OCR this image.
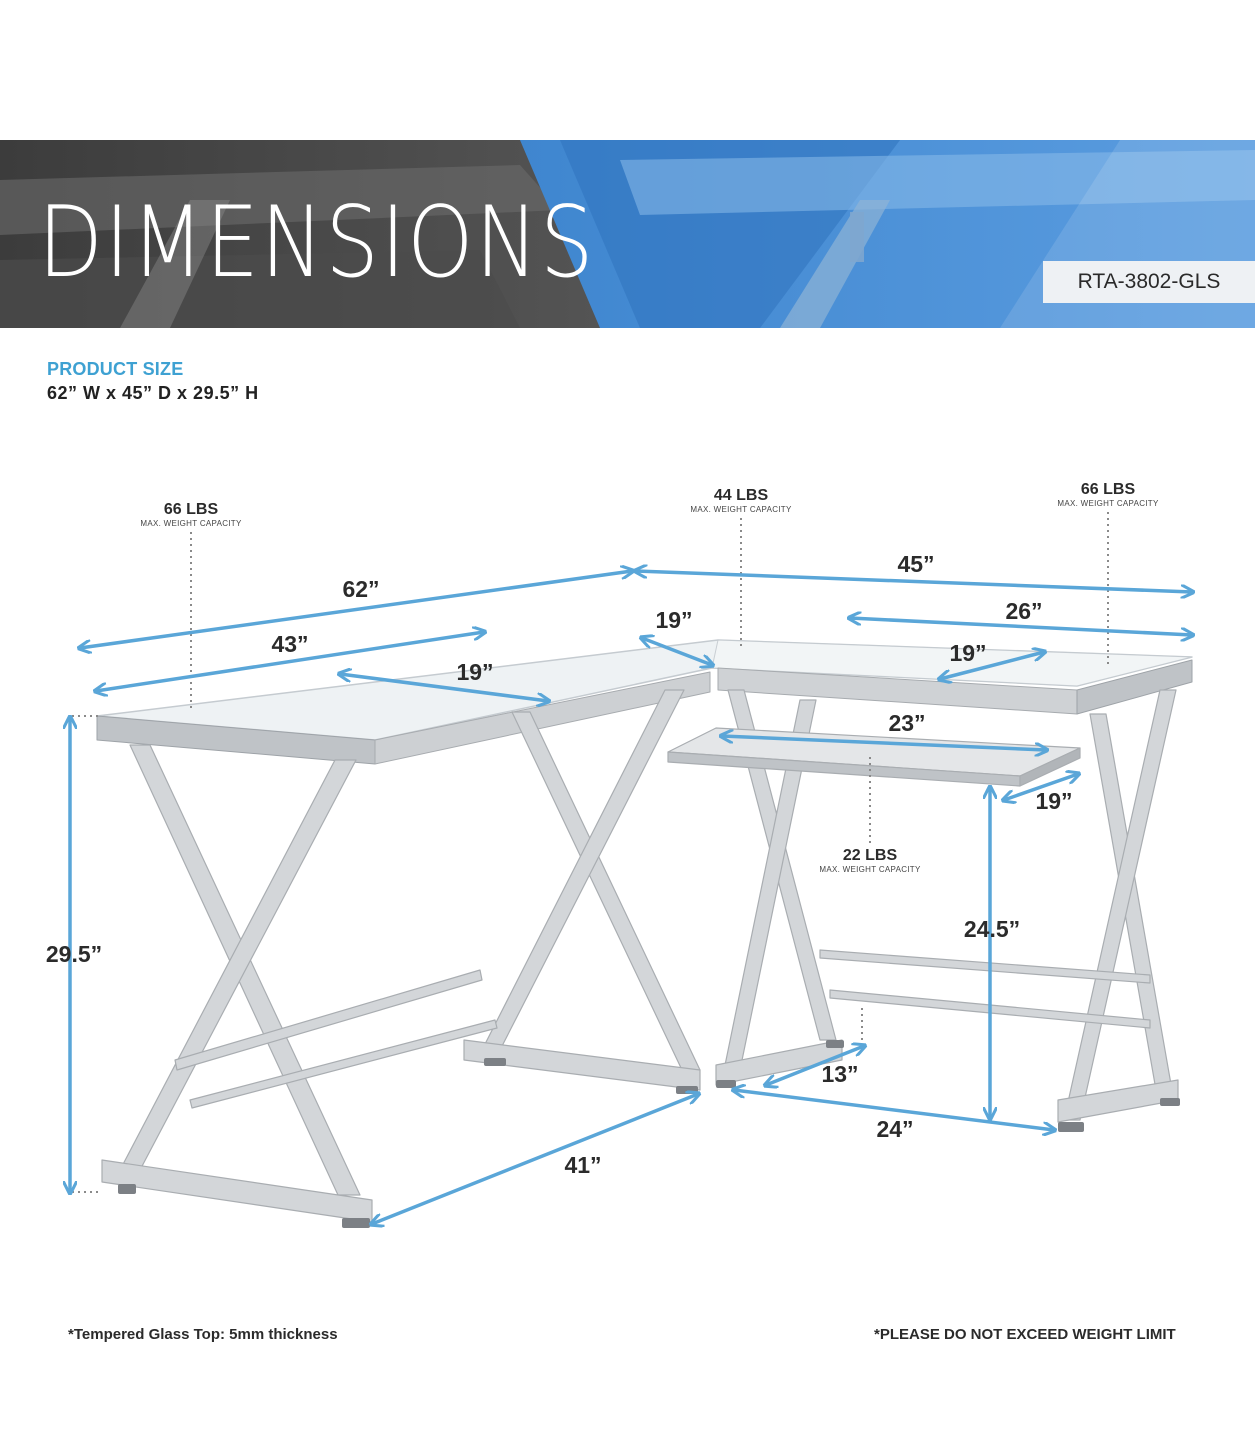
DIMENSIONS	RTA-3802-GLS
PRODUCT SIZE
62” W x 45” D x 29.5” H
66 LBS
MAX. WEIGHT CAPACITY
44 LBS
MAX. WEIGHT CAPACITY
66 LBS
MAX. WEIGHT CAPACITY
22 LBS
MAX. WEIGHT CAPACITY
62”
45”
43”
19”
19”	26”
19”
23”
19”
29.5”
24.5”
41”
13”
24”
*Tempered Glass Top: 5mm thickness	*PLEASE DO NOT EXCEED WEIGHT LIMIT
